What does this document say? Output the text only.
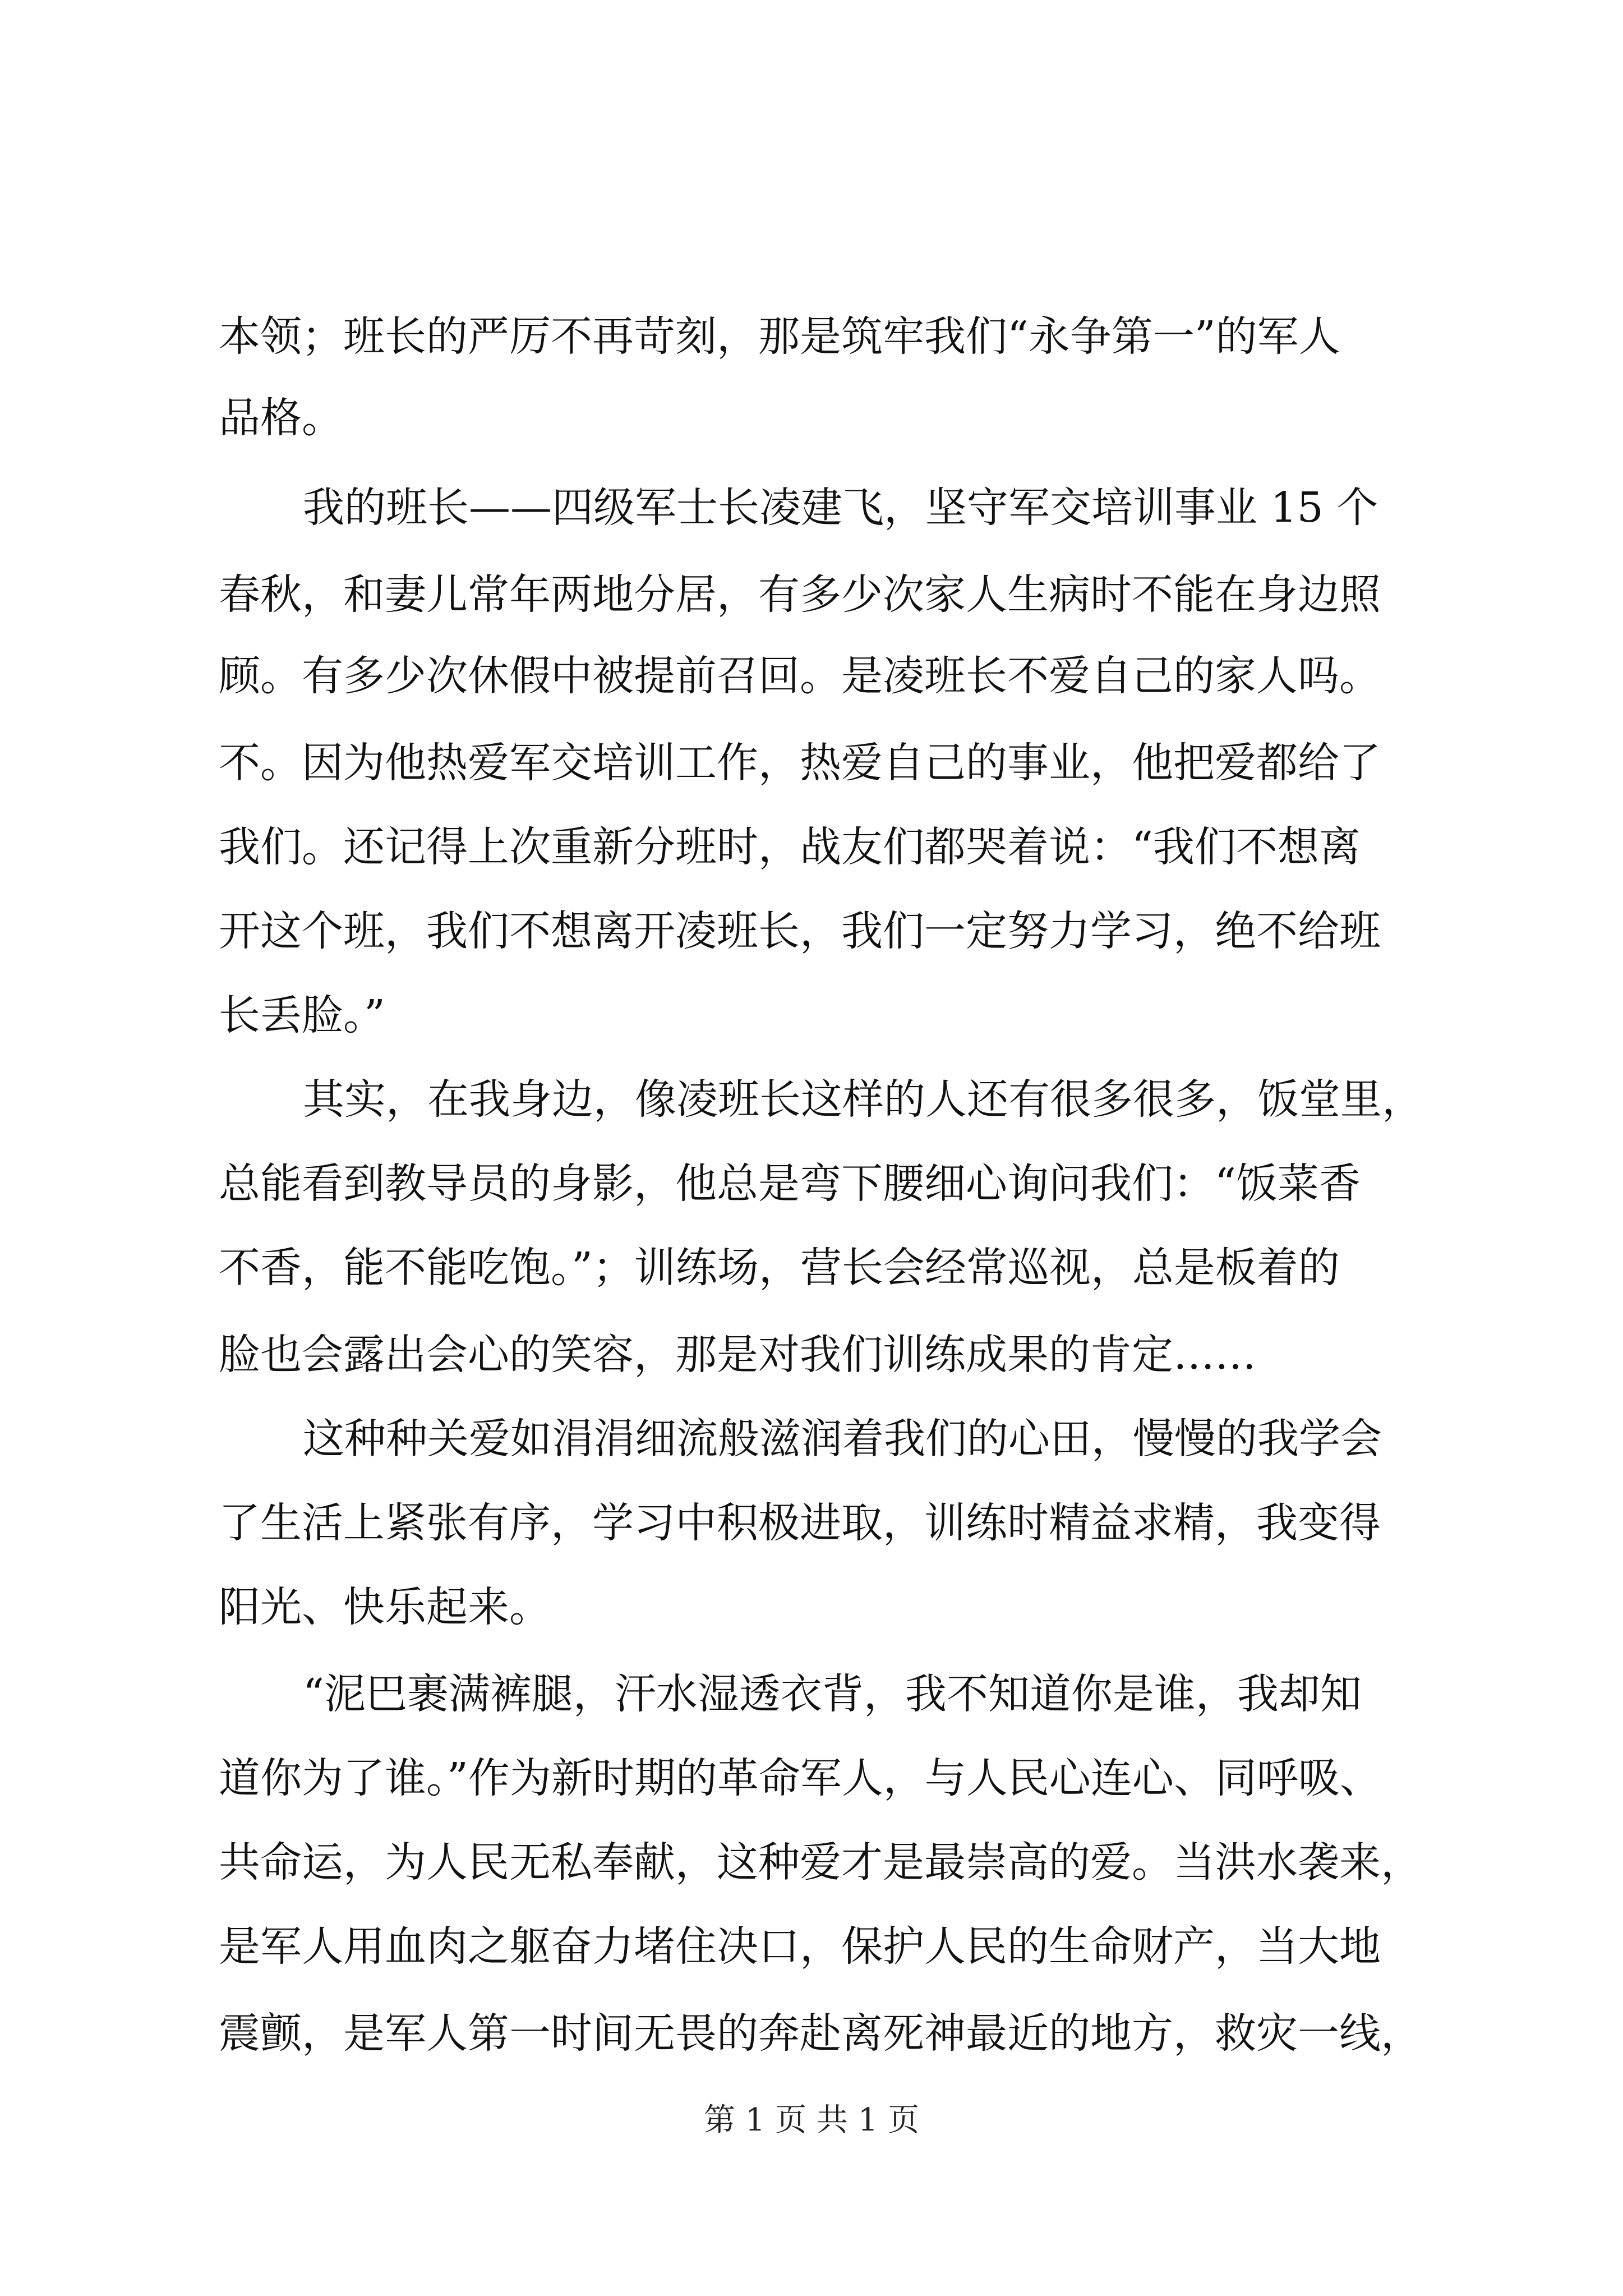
本领；班长的严厉不再苛刻，那是筑牢我们“永争第一”的军人
品格。
我的班长——四级军士长凌建飞，坚守军交培训事业 15 个
春秋，和妻儿常年两地分居，有多少次家人生病时不能在身边照
顾。有多少次休假中被提前召回。是凌班长不爱自己的家人吗。
不。因为他热爱军交培训工作，热爱自己的事业，他把爱都给了
我们。还记得上次重新分班时，战友们都哭着说：“我们不想离
开这个班，我们不想离开凌班长，我们一定努力学习，绝不给班
长丢脸。”
其实，在我身边，像凌班长这样的人还有很多很多，饭堂里，
总能看到教导员的身影，他总是弯下腰细心询问我们：“饭菜香
不香，能不能吃饱。”；训练场，营长会经常巡视，总是板着的
脸也会露出会心的笑容，那是对我们训练成果的肯定……
这种种关爱如涓涓细流般滋润着我们的心田，慢慢的我学会
了生活上紧张有序，学习中积极进取，训练时精益求精，我变得
阳光、快乐起来。
“泥巴裹满裤腿，汗水湿透衣背，我不知道你是谁，我却知
道你为了谁。”作为新时期的革命军人，与人民心连心、同呼吸、
共命运，为人民无私奉献，这种爱才是最崇高的爱。当洪水袭来，
是军人用血肉之躯奋力堵住决口，保护人民的生命财产，当大地
震颤，是军人第一时间无畏的奔赴离死神最近的地方，救灾一线，
第 1 页 共 1 页
